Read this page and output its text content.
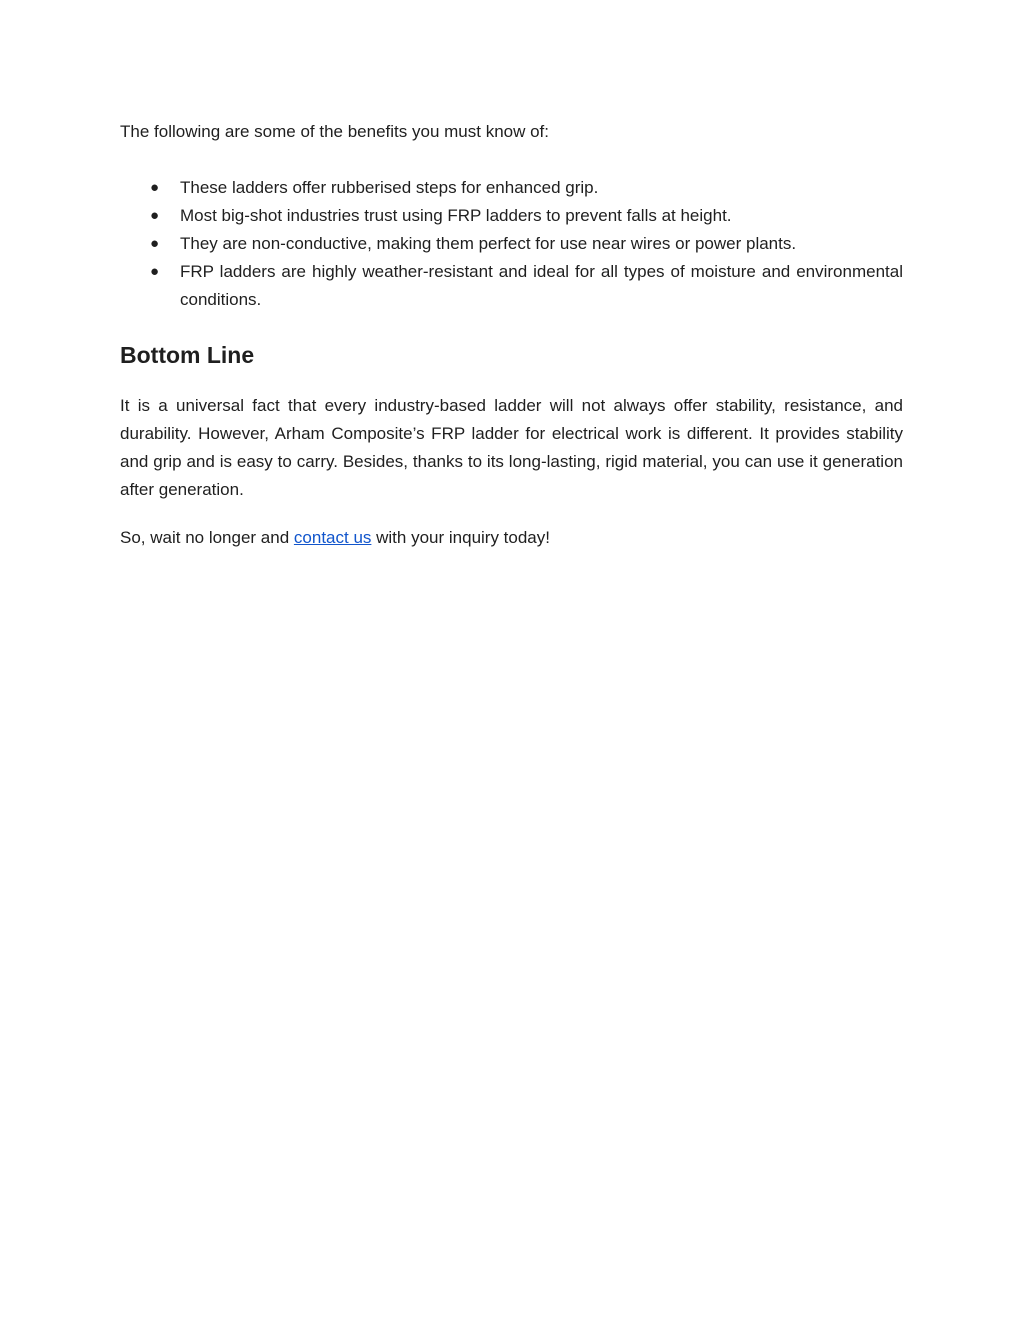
The following are some of the benefits you must know of:

● These ladders offer rubberised steps for enhanced grip.
● Most big-shot industries trust using FRP ladders to prevent falls at height.
● They are non-conductive, making them perfect for use near wires or power plants.
● FRP ladders are highly weather-resistant and ideal for all types of moisture and environmental conditions.
Bottom Line

It is a universal fact that every industry-based ladder will not always offer stability, resistance, and durability. However, Arham Composite’s FRP ladder for electrical work is different. It provides stability and grip and is easy to carry. Besides, thanks to its long-lasting, rigid material, you can use it generation after generation.

So, wait no longer and contact us with your inquiry today!
